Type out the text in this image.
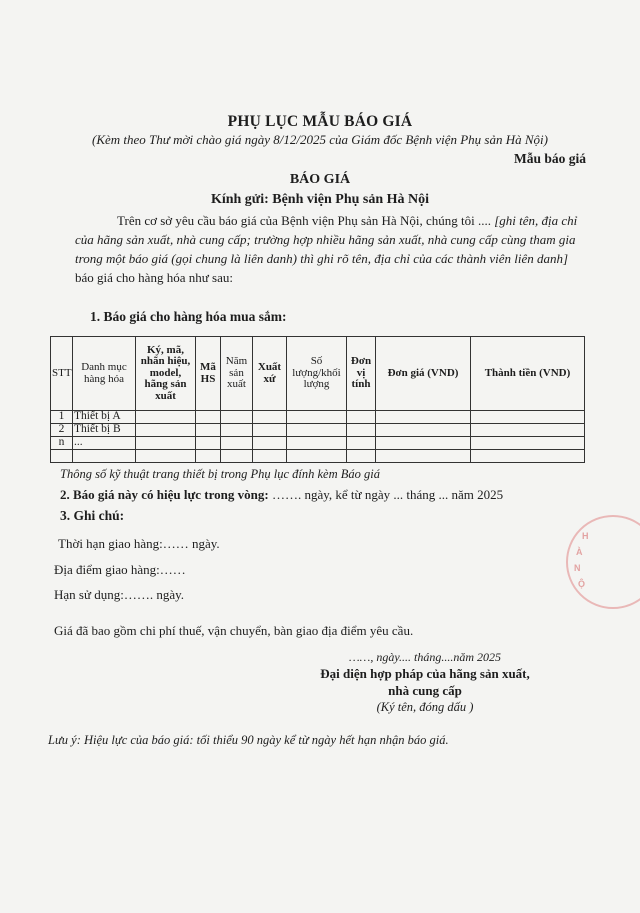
PHỤ LỤC MẪU BÁO GIÁ
(Kèm theo Thư mời chào giá ngày 8/12/2025 của Giám đốc Bệnh viện Phụ sản Hà Nội)
Mẫu báo giá
BÁO GIÁ
Kính gửi: Bệnh viện Phụ sản Hà Nội
Trên cơ sở yêu cầu báo giá của Bệnh viện Phụ sản Hà Nội, chúng tôi .... [ghi tên, địa chỉ của hãng sản xuất, nhà cung cấp; trường hợp nhiều hãng sản xuất, nhà cung cấp cùng tham gia trong một báo giá (gọi chung là liên danh) thì ghi rõ tên, địa chỉ của các thành viên liên danh] báo giá cho hàng hóa như sau:
1. Báo giá cho hàng hóa mua sắm:
STT	Danh mục hàng hóa	Ký, mã, nhãn hiệu, model, hãng sản xuất	Mã HS	Năm sản xuất	Xuất xứ	Số lượng/khối lượng	Đơn vị tính	Đơn giá (VND)	Thành tiền (VND)
1	Thiết bị A								
2	Thiết bị B								
n	...								

Thông số kỹ thuật trang thiết bị trong Phụ lục đính kèm Báo giá
2. Báo giá này có hiệu lực trong vòng: ……. ngày, kể từ ngày ... tháng ... năm 2025
3. Ghi chú:
Thời hạn giao hàng:…… ngày.
Địa điểm giao hàng:……
Hạn sử dụng:……. ngày.
Giá đã bao gồm chi phí thuế, vận chuyển, bàn giao địa điểm yêu cầu.
……, ngày.... tháng....năm 2025
Đại diện hợp pháp của hãng sản xuất,
nhà cung cấp
(Ký tên, đóng dấu )
Lưu ý: Hiệu lực của báo giá: tối thiểu 90 ngày kể từ ngày hết hạn nhận báo giá.
H
À
N
Ộ
